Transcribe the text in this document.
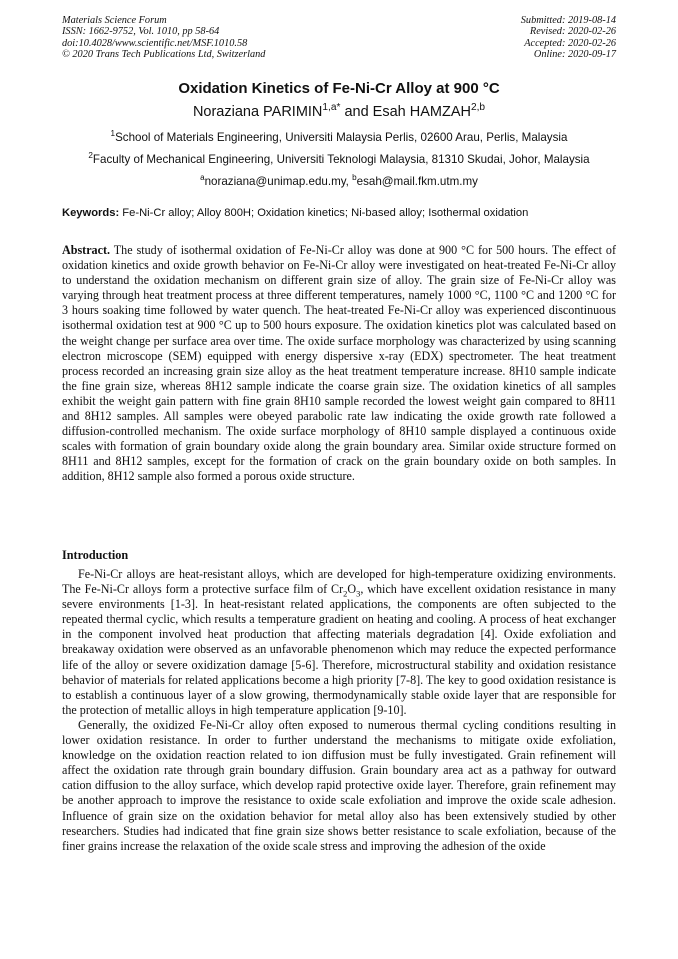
Materials Science Forum
ISSN: 1662-9752, Vol. 1010, pp 58-64
doi:10.4028/www.scientific.net/MSF.1010.58
© 2020 Trans Tech Publications Ltd, Switzerland
Submitted: 2019-08-14
Revised: 2020-02-26
Accepted: 2020-02-26
Online: 2020-09-17
Oxidation Kinetics of Fe-Ni-Cr Alloy at 900 °C
Noraziana $PARIMIN^{1,a*}$ and Esah HAMZAH$^{2,b}$
$^1$School of Materials Engineering, Universiti Malaysia Perlis, 02600 Arau, Perlis, Malaysia
$^2$Faculty of Mechanical Engineering, Universiti Teknologi Malaysia, 81310 Skudai, Johor, Malaysia
$^a$noraziana@unimap.edu.my, $^b$esah@mail.fkm.utm.my
Keywords: Fe-Ni-Cr alloy; Alloy 800H; Oxidation kinetics; Ni-based alloy; Isothermal oxidation
Abstract. The study of isothermal oxidation of Fe-Ni-Cr alloy was done at 900 °C for 500 hours. The effect of oxidation kinetics and oxide growth behavior on Fe-Ni-Cr alloy were investigated on heat-treated Fe-Ni-Cr alloy to understand the oxidation mechanism on different grain size of alloy. The grain size of Fe-Ni-Cr alloy was varying through heat treatment process at three different temperatures, namely 1000 °C, 1100 °C and 1200 °C for 3 hours soaking time followed by water quench. The heat-treated Fe-Ni-Cr alloy was experienced discontinuous isothermal oxidation test at 900 °C up to 500 hours exposure. The oxidation kinetics plot was calculated based on the weight change per surface area over time. The oxide surface morphology was characterized by using scanning electron microscope (SEM) equipped with energy dispersive x-ray (EDX) spectrometer. The heat treatment process recorded an increasing grain size alloy as the heat treatment temperature increase. 8H10 sample indicate the fine grain size, whereas 8H12 sample indicate the coarse grain size. The oxidation kinetics of all samples exhibit the weight gain pattern with fine grain 8H10 sample recorded the lowest weight gain compared to 8H11 and 8H12 samples. All samples were obeyed parabolic rate law indicating the oxide growth rate followed a diffusion-controlled mechanism. The oxide surface morphology of 8H10 sample displayed a continuous oxide scales with formation of grain boundary oxide along the grain boundary area. Similar oxide structure formed on 8H11 and 8H12 samples, except for the formation of crack on the grain boundary oxide on both samples. In addition, 8H12 sample also formed a porous oxide structure.
Introduction

Fe-Ni-Cr alloys are heat-resistant alloys, which are developed for high-temperature oxidizing environments. The Fe-Ni-Cr alloys form a protective surface film of $Cr_2O_3$, which have excellent oxidation resistance in many severe environments [1-3]. In heat-resistant related applications, the components are often subjected to the repeated thermal cyclic, which results a temperature gradient on heating and cooling. A process of heat exchanger in the component involved heat production that affecting materials degradation [4]. Oxide exfoliation and breakaway oxidation were observed as an unfavorable phenomenon which may reduce the expected performance life of the alloy or severe oxidization damage [5-6]. Therefore, microstructural stability and oxidation resistance behavior of materials for related applications become a high priority [7-8]. The key to good oxidation resistance is to establish a continuous layer of a slow growing, thermodynamically stable oxide layer that are responsible for the protection of metallic alloys in high temperature application [9-10].

Generally, the oxidized Fe-Ni-Cr alloy often exposed to numerous thermal cycling conditions resulting in lower oxidation resistance. In order to further understand the mechanisms to mitigate oxide exfoliation, knowledge on the oxidation reaction related to ion diffusion must be fully investigated. Grain refinement will affect the oxidation rate through grain boundary diffusion. Grain boundary area act as a pathway for outward cation diffusion to the alloy surface, which develop rapid protective oxide layer. Therefore, grain refinement may be another approach to improve the resistance to oxide scale exfoliation and improve the oxide scale adhesion. Influence of grain size on the oxidation behavior for metal alloy also has been extensively studied by other researchers. Studies had indicated that fine grain size shows better resistance to scale exfoliation, because of the finer grains increase the relaxation of the oxide scale stress and improving the adhesion of the oxide
